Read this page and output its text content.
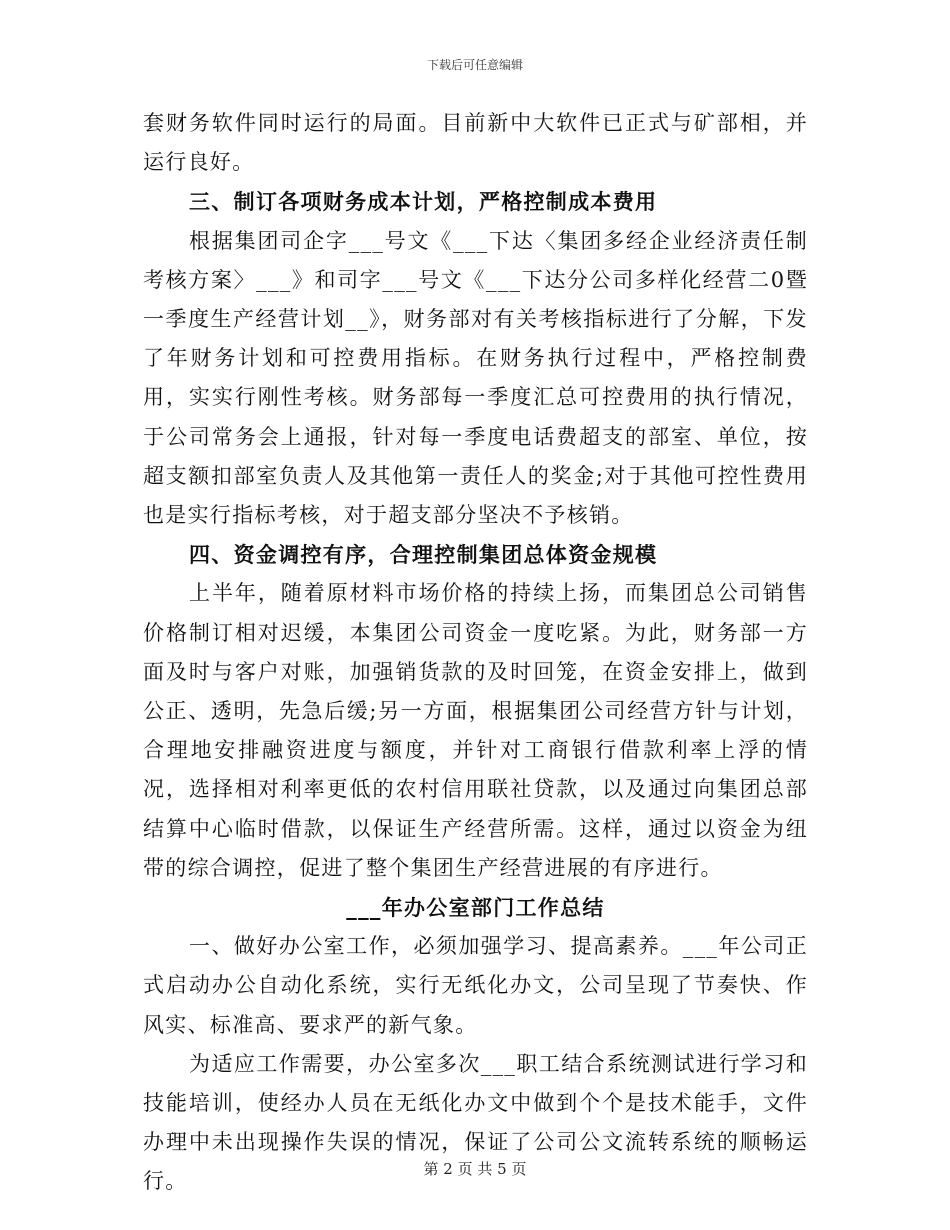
下载后可任意编辑

套财务软件同时运行的局面。目前新中大软件已正式与矿部相，并运行良好。

三、制订各项财务成本计划，严格控制成本费用

根据集团司企字___号文《___下达〈集团多经企业经济责任制考核方案〉___》和司字___号文《___下达分公司多样化经营二0暨一季度生产经营计划__》，财务部对有关考核指标进行了分解，下发了年财务计划和可控费用指标。在财务执行过程中，严格控制费用，实实行刚性考核。财务部每一季度汇总可控费用的执行情况，于公司常务会上通报，针对每一季度电话费超支的部室、单位，按超支额扣部室负责人及其他第一责任人的奖金;对于其他可控性费用也是实行指标考核，对于超支部分坚决不予核销。

四、资金调控有序，合理控制集团总体资金规模

上半年，随着原材料市场价格的持续上扬，而集团总公司销售价格制订相对迟缓，本集团公司资金一度吃紧。为此，财务部一方面及时与客户对账，加强销货款的及时回笼，在资金安排上，做到公正、透明，先急后缓;另一方面，根据集团公司经营方针与计划，合理地安排融资进度与额度，并针对工商银行借款利率上浮的情况，选择相对利率更低的农村信用联社贷款，以及通过向集团总部结算中心临时借款，以保证生产经营所需。这样，通过以资金为纽带的综合调控，促进了整个集团生产经营进展的有序进行。

___年办公室部门工作总结

一、做好办公室工作，必须加强学习、提高素养。___年公司正式启动办公自动化系统，实行无纸化办文，公司呈现了节奏快、作风实、标准高、要求严的新气象。

为适应工作需要，办公室多次___职工结合系统测试进行学习和技能培训，使经办人员在无纸化办文中做到个个是技术能手，文件办理中未出现操作失误的情况，保证了公司公文流转系统的顺畅运行。

第 2 页 共 5 页
